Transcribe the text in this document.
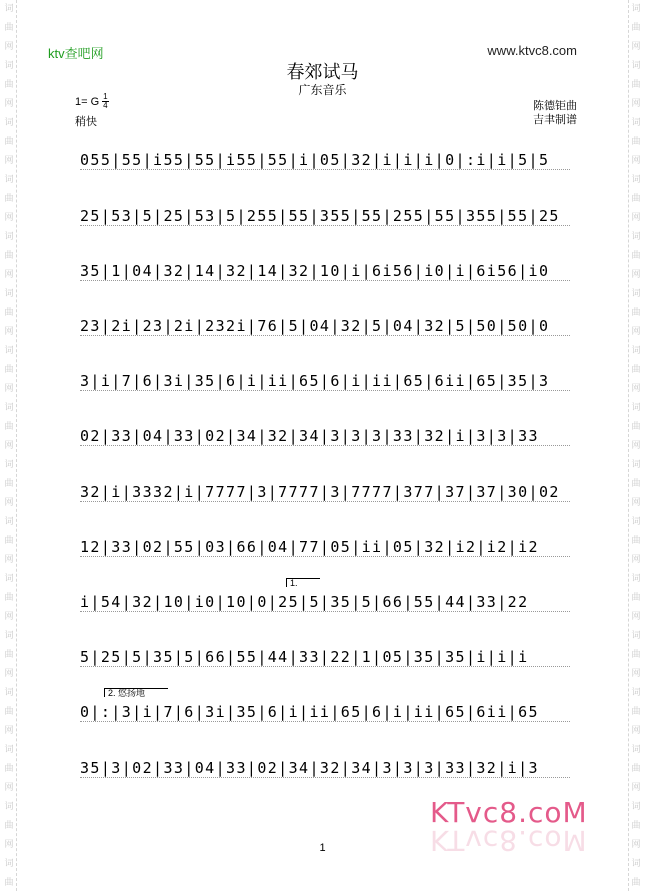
词
曲
网
词
曲
网
词
曲
网
词
曲
网
词
曲
网
词
曲
网
词
曲
网
词
曲
网
词
曲
网
词
曲
网
词
曲
网
词
曲
网
词
曲
网
词
曲
网
词
曲
网
词
曲
词
曲
网
词
曲
网
词
曲
网
词
曲
网
词
曲
网
词
曲
网
词
曲
网
词
曲
网
词
曲
网
词
曲
网
词
曲
网
词
曲
网
词
曲
网
词
曲
网
词
曲
网
词
曲
ktv查吧网	www.ktvc8.com
春郊试马
广东音乐
1= G $\frac{1}{4}$
稍快
陈德钜曲
吉聿制谱
055|55|i55|55|i55|55|i|05|32|i|i|i|0|:i|i|5|5
25|53|5|25|53|5|255|55|355|55|255|55|355|55|25
35|1|04|32|14|32|14|32|10|i|6i56|i0|i|6i56|i0
23|2i|23|2i|232i|76|5|04|32|5|04|32|5|50|50|0
3|i|7|6|3i|35|6|i|ii|65|6|i|ii|65|6ii|65|35|3
02|33|04|33|02|34|32|34|3|3|3|33|32|i|3|3|33
32|i|3332|i|7777|3|7777|3|7777|377|37|37|30|02
12|33|02|55|03|66|04|77|05|ii|05|32|i2|i2|i2
i|54|32|10|i0|10|0|25|5|35|5|66|55|44|33|22
5|25|5|35|5|66|55|44|33|22|1|05|35|35|i|i|i
0|:|3|i|7|6|3i|35|6|i|ii|65|6|i|ii|65|6ii|65
35|3|02|33|04|33|02|34|32|34|3|3|3|33|32|i|3
1.
2. 悠扬地
KTvc8.coM
KTvc8.coM
1
